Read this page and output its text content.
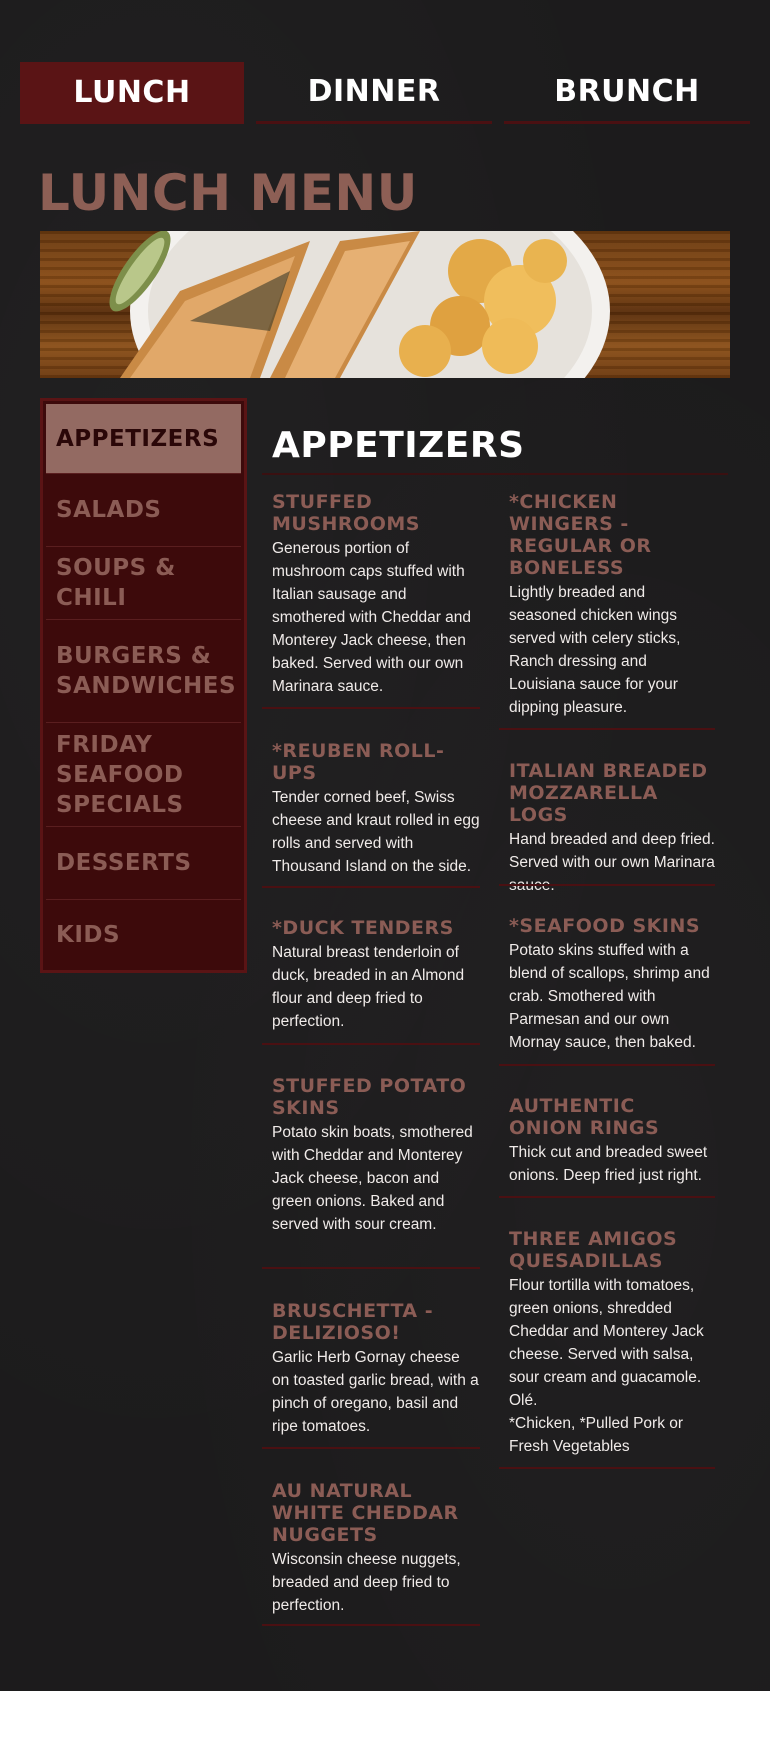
LUNCH	DINNER	BRUNCH
LUNCH MENU
APPETIZERS
SALADS
SOUPS & CHILI
BURGERS & SANDWICHES
FRIDAY SEAFOOD SPECIALS
DESSERTS
KIDS
APPETIZERS
STUFFED MUSHROOMS
Generous portion of mushroom caps stuffed with Italian sausage and smothered with Cheddar and Monterey Jack cheese, then baked. Served with our own Marinara sauce.
*REUBEN ROLL-UPS
Tender corned beef, Swiss cheese and kraut rolled in egg rolls and served with Thousand Island on the side.
*DUCK TENDERS
Natural breast tenderloin of duck, breaded in an Almond flour and deep fried to perfection.
STUFFED POTATO SKINS
Potato skin boats, smothered with Cheddar and Monterey Jack cheese, bacon and green onions. Baked and served with sour cream.
BRUSCHETTA - DELIZIOSO!
Garlic Herb Gornay cheese on toasted garlic bread, with a pinch of oregano, basil and ripe tomatoes.
AU NATURAL WHITE CHEDDAR NUGGETS
Wisconsin cheese nuggets, breaded and deep fried to perfection.
*CHICKEN WINGERS - REGULAR OR BONELESS
Lightly breaded and seasoned chicken wings served with celery sticks, Ranch dressing and Louisiana sauce for your dipping pleasure.
ITALIAN BREADED MOZZARELLA LOGS
Hand breaded and deep fried. Served with our own Marinara
*SEAFOOD SKINS
Potato skins stuffed with a blend of scallops, shrimp and crab. Smothered with Parmesan and our own Mornay sauce, then baked.
AUTHENTIC ONION RINGS
Thick cut and breaded sweet onions. Deep fried just right.
THREE AMIGOS QUESADILLAS
Flour tortilla with tomatoes, green onions, shredded Cheddar and Monterey Jack cheese. Served with salsa, sour cream and guacamole. Olé.
*Chicken, *Pulled Pork or Fresh Vegetables
